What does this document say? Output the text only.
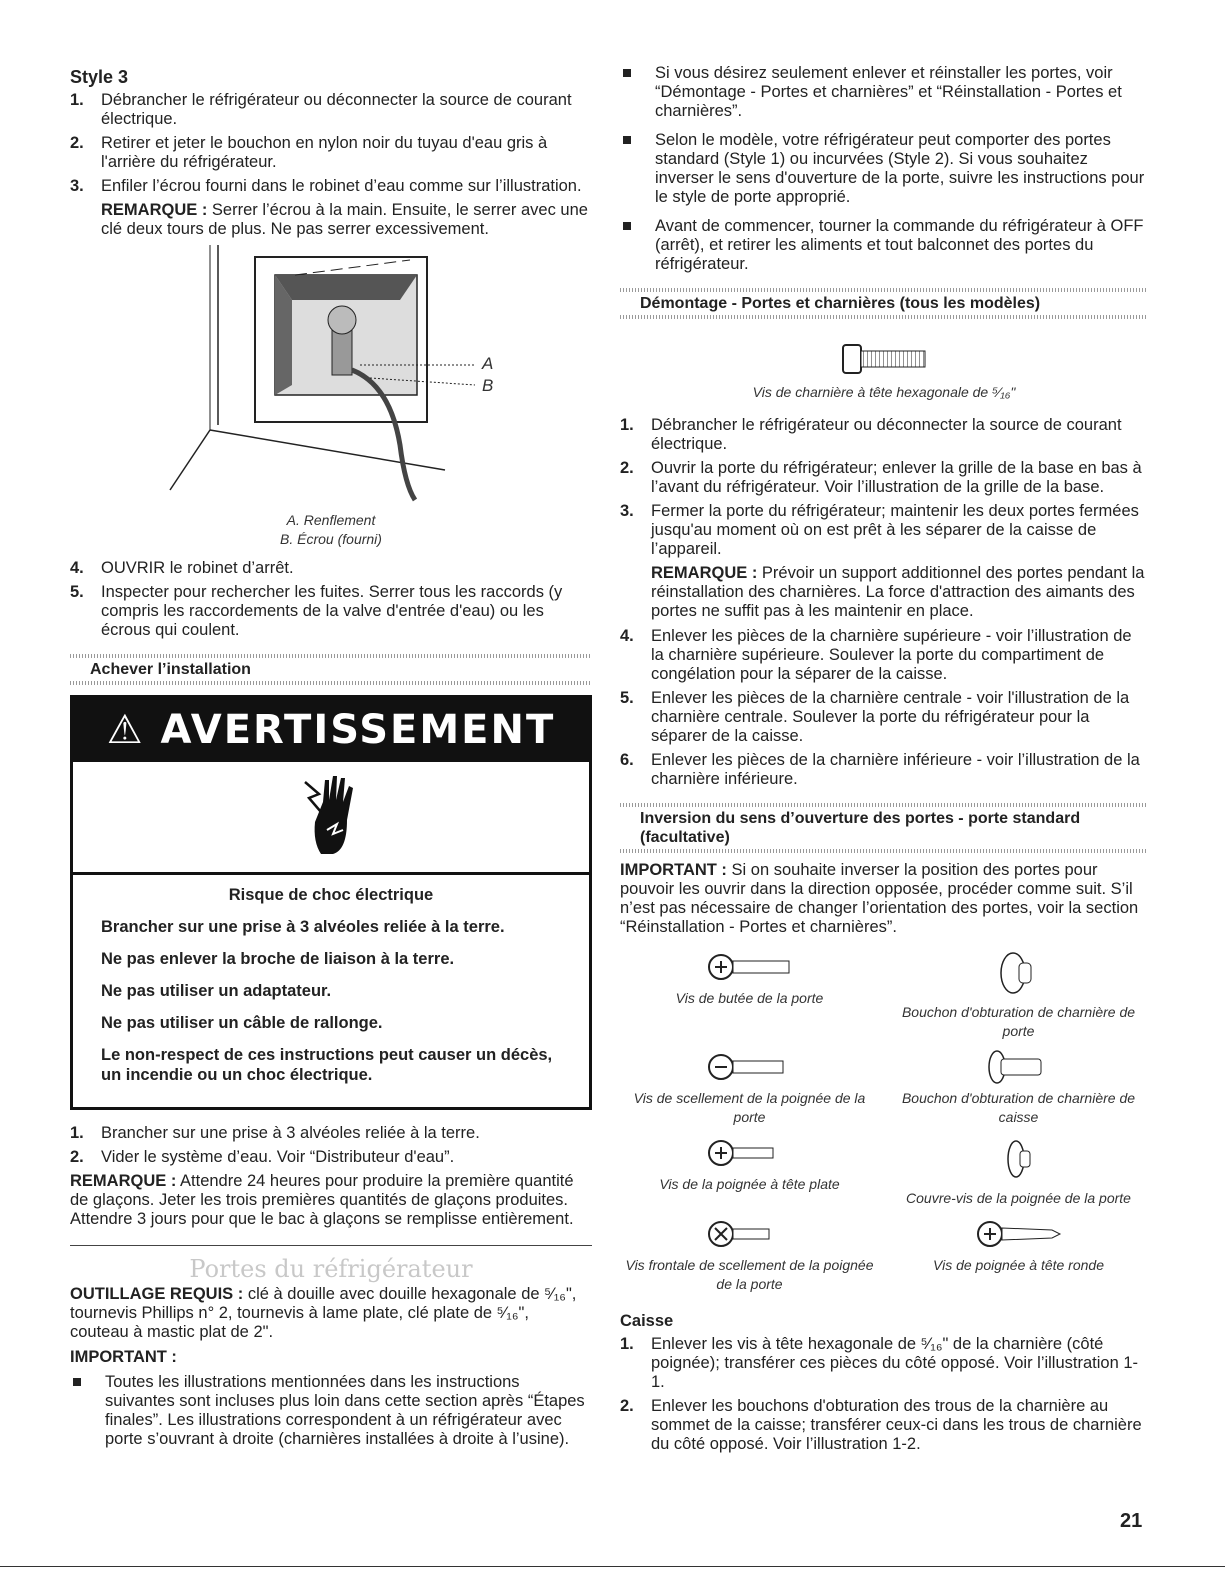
Style 3
1. Débrancher le réfrigérateur ou déconnecter la source de courant électrique.
2. Retirer et jeter le bouchon en nylon noir du tuyau d'eau gris à l'arrière du réfrigérateur.
3. Enfiler l’écrou fourni dans le robinet d’eau comme sur l’illustration.

REMARQUE : Serrer l’écrou à la main. Ensuite, le serrer avec une clé deux tours de plus. Ne pas serrer excessivement.

A
B
A. Renflement
B. Écrou (fourni)
4. OUVRIR le robinet d’arrêt.
5. Inspecter pour rechercher les fuites. Serrer tous les raccords (y compris les raccordements de la valve d'entrée d'eau) ou les écrous qui coulent.
Achever l’installation
⚠ AVERTISSEMENT

Risque de choc électrique

Brancher sur une prise à 3 alvéoles reliée à la terre.

Ne pas enlever la broche de liaison à la terre.

Ne pas utiliser un adaptateur.

Ne pas utiliser un câble de rallonge.

Le non-respect de ces instructions peut causer un décès, un incendie ou un choc électrique.

1. Brancher sur une prise à 3 alvéoles reliée à la terre.
2. Vider le système d’eau. Voir “Distributeur d'eau”.

REMARQUE : Attendre 24 heures pour produire la première quantité de glaçons. Jeter les trois premières quantités de glaçons produites. Attendre 3 jours pour que le bac à glaçons se remplisse entièrement.

Portes du réfrigérateur

OUTILLAGE REQUIS : clé à douille avec douille hexagonale de ⁵⁄₁₆", tournevis Phillips n° 2, tournevis à lame plate, clé plate de ⁵⁄₁₆", couteau à mastic plat de 2".

IMPORTANT :

Toutes les illustrations mentionnées dans les instructions suivantes sont incluses plus loin dans cette section après “Étapes finales”. Les illustrations correspondent à un réfrigérateur avec porte s’ouvrant à droite (charnières installées à droite à l’usine).
Si vous désirez seulement enlever et réinstaller les portes, voir “Démontage - Portes et charnières” et “Réinstallation - Portes et charnières”.
Selon le modèle, votre réfrigérateur peut comporter des portes standard (Style 1) ou incurvées (Style 2). Si vous souhaitez inverser le sens d'ouverture de la porte, suivre les instructions pour le style de porte approprié.
Avant de commencer, tourner la commande du réfrigérateur à OFF (arrêt), et retirer les aliments et tout balconnet des portes du réfrigérateur.
Démontage - Portes et charnières (tous les modèles)
Vis de charnière à tête hexagonale de ⁵⁄₁₆"
1. Débrancher le réfrigérateur ou déconnecter la source de courant électrique.
2. Ouvrir la porte du réfrigérateur; enlever la grille de la base en bas à l’avant du réfrigérateur. Voir l’illustration de la grille de la base.
3. Fermer la porte du réfrigérateur; maintenir les deux portes fermées jusqu'au moment où on est prêt à les séparer de la caisse de l’appareil.

REMARQUE : Prévoir un support additionnel des portes pendant la réinstallation des charnières. La force d'attraction des aimants des portes ne suffit pas à les maintenir en place.

4. Enlever les pièces de la charnière supérieure - voir l’illustration de la charnière supérieure. Soulever la porte du compartiment de congélation pour la séparer de la caisse.
5. Enlever les pièces de la charnière centrale - voir l'illustration de la charnière centrale. Soulever la porte du réfrigérateur pour la séparer de la caisse.
6. Enlever les pièces de la charnière inférieure - voir l’illustration de la charnière inférieure.
Inversion du sens d’ouverture des portes - porte standard (facultative)

IMPORTANT : Si on souhaite inverser la position des portes pour pouvoir les ouvrir dans la direction opposée, procéder comme suit. S’il n’est pas nécessaire de changer l’orientation des portes, voir la section “Réinstallation - Portes et charnières”.

Vis de butée de la porte
Bouchon d'obturation de charnière de porte
Vis de scellement de la poignée de la porte
Bouchon d'obturation de charnière de caisse
Vis de la poignée à tête plate
Couvre-vis de la poignée de la porte
Vis frontale de scellement de la poignée de la porte
Vis de poignée à tête ronde
Caisse
1. Enlever les vis à tête hexagonale de ⁵⁄₁₆" de la charnière (côté poignée); transférer ces pièces du côté opposé. Voir l’illustration 1-1.
2. Enlever les bouchons d'obturation des trous de la charnière au sommet de la caisse; transférer ceux-ci dans les trous de charnière du côté opposé. Voir l’illustration 1-2.
21
